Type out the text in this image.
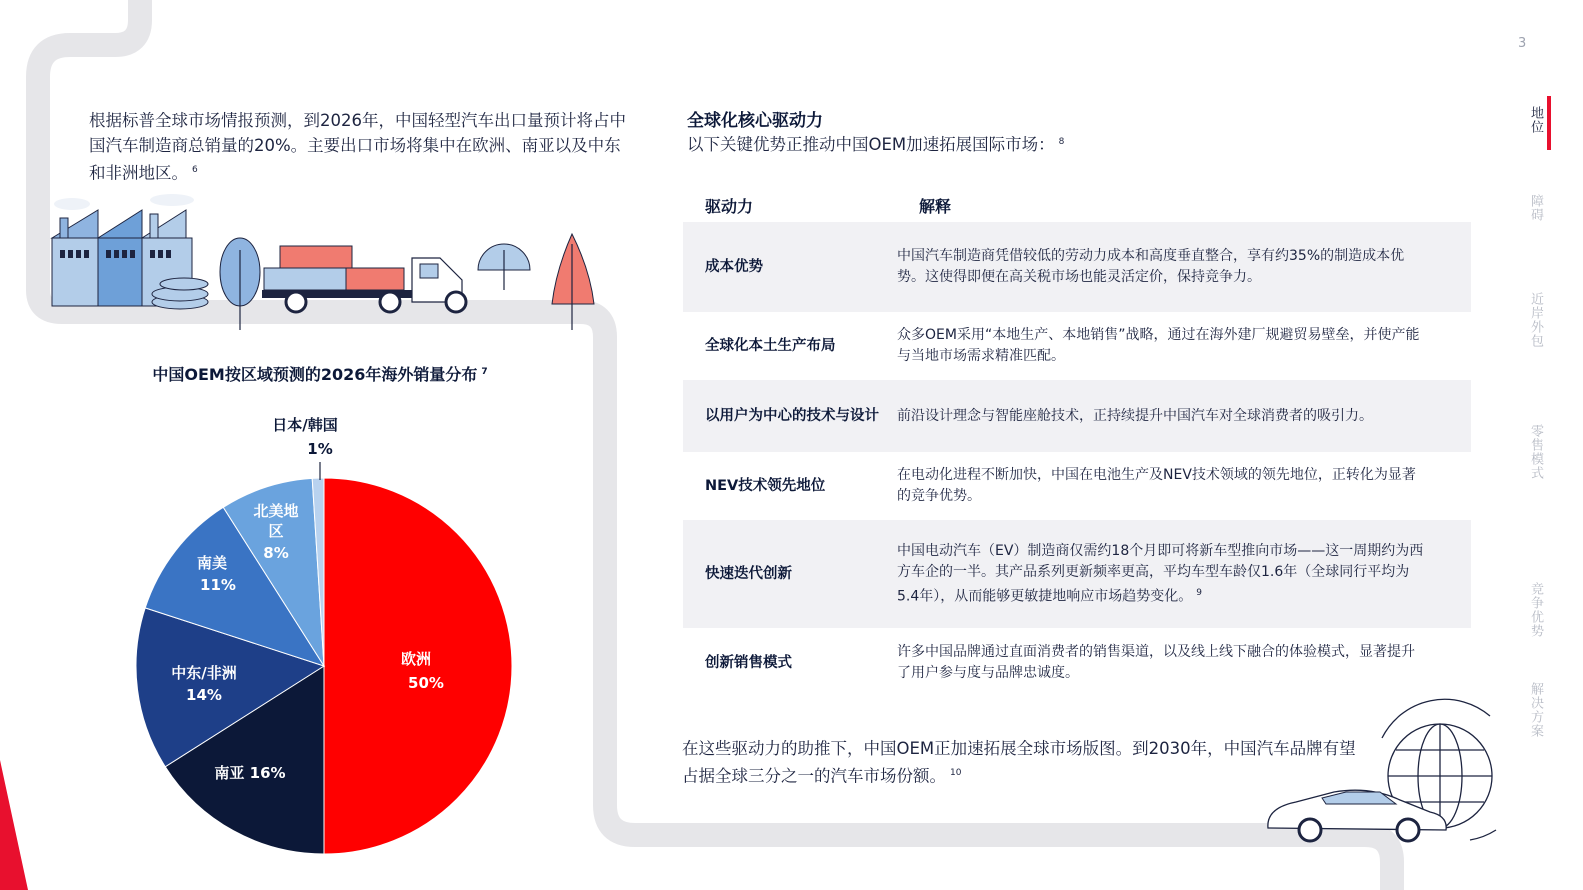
根据标普全球市场情报预测，到2026年，中国轻型汽车出口量预计将占中国汽车制造商总销量的20%。主要出口市场将集中在欧洲、南亚以及中东和非洲地区。 $^6$
中国OEM按区域预测的2026年海外销量分布 $^7$
日本/韩国
1%
欧洲
50%
南亚 16%
中东/非洲
14%
南美
11%
北美地
区
8%
全球化核心驱动力
以下关键优势正推动中国OEM加速拓展国际市场： $^8$
驱动力	解释
成本优势
中国汽车制造商凭借较低的劳动力成本和高度垂直整合，享有约35%的制造成本优势。这使得即便在高关税市场也能灵活定价，保持竞争力。
全球化本土生产布局
众多OEM采用“本地生产、本地销售”战略，通过在海外建厂规避贸易壁垒，并使产能与当地市场需求精准匹配。
以用户为中心的技术与设计	前沿设计理念与智能座舱技术，正持续提升中国汽车对全球消费者的吸引力。
NEV技术领先地位
在电动化进程不断加快，中国在电池生产及NEV技术领域的领先地位，正转化为显著的竞争优势。
快速迭代创新
中国电动汽车（EV）制造商仅需约18个月即可将新车型推向市场——这一周期约为西方车企的一半。其产品系列更新频率更高，平均车型车龄仅1.6年（全球同行平均为5.4年），从而能够更敏捷地响应市场趋势变化。 $^9$
创新销售模式
许多中国品牌通过直面消费者的销售渠道，以及线上线下融合的体验模式，显著提升了用户参与度与品牌忠诚度。
在这些驱动力的助推下，中国OEM正加速拓展全球市场版图。到2030年，中国汽车品牌有望占据全球三分之一的汽车市场份额。 $^{10}$
3
地位
障碍
近岸外包
零售模式
竞争优势
解决方案
